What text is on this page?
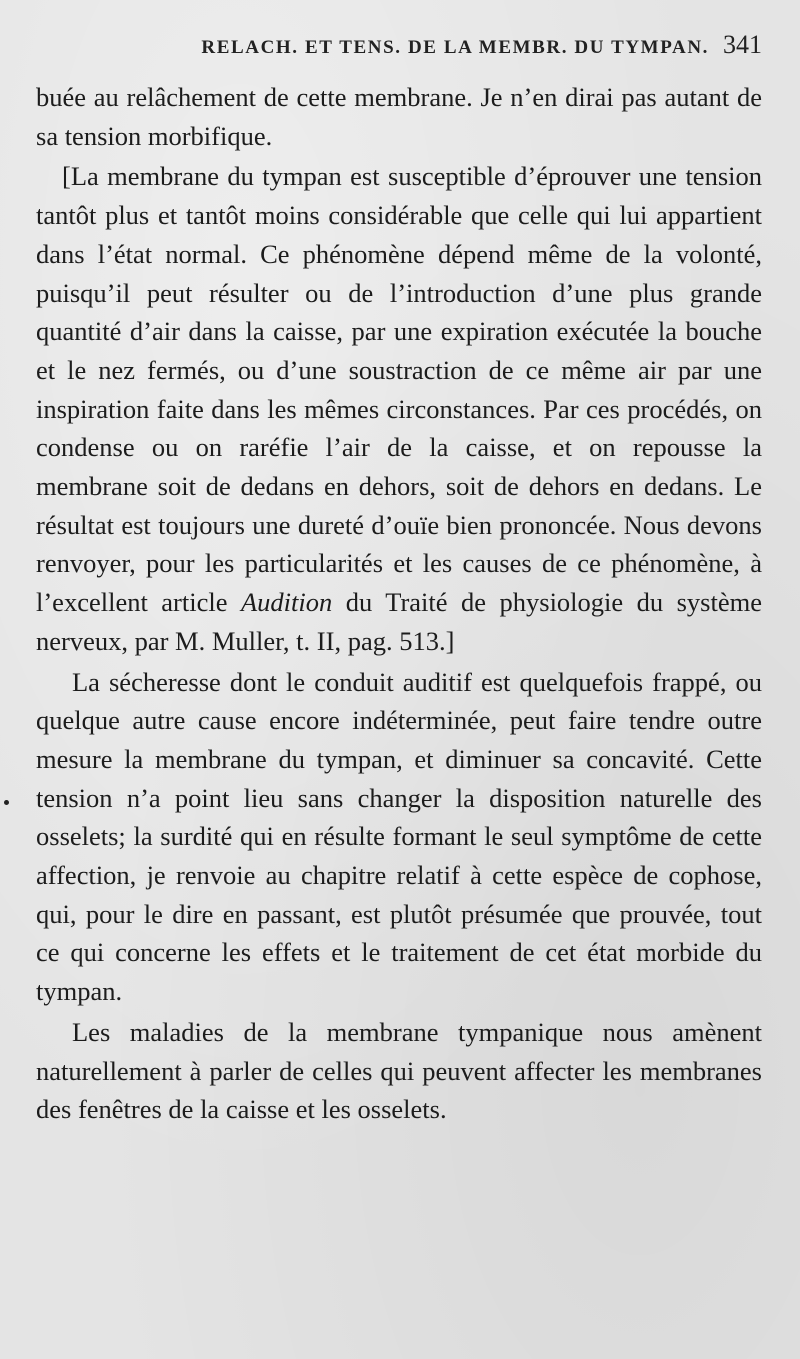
RELACH. ET TENS. DE LA MEMBR. DU TYMPAN. 341

buée au relâchement de cette membrane. Je n’en dirai pas autant de sa tension morbifique.

[La membrane du tympan est susceptible d’éprouver une tension tantôt plus et tantôt moins considérable que celle qui lui appartient dans l’état normal. Ce phénomène dépend même de la volonté, puisqu’il peut résulter ou de l’introduction d’une plus grande quantité d’air dans la caisse, par une expiration exécutée la bouche et le nez fermés, ou d’une soustraction de ce même air par une inspiration faite dans les mêmes circonstances. Par ces procédés, on condense ou on raréfie l’air de la caisse, et on repousse la membrane soit de dedans en dehors, soit de dehors en dedans. Le résultat est toujours une dureté d’ouïe bien prononcée. Nous devons renvoyer, pour les particularités et les causes de ce phénomène, à l’excellent article Audition du Traité de physiologie du système nerveux, par M. Muller, t. II, pag. 513.]

La sécheresse dont le conduit auditif est quelquefois frappé, ou quelque autre cause encore indéterminée, peut faire tendre outre mesure la membrane du tympan, et diminuer sa concavité. Cette tension n’a point lieu sans changer la disposition naturelle des osselets; la surdité qui en résulte formant le seul symptôme de cette affection, je renvoie au chapitre relatif à cette espèce de cophose, qui, pour le dire en passant, est plutôt présumée que prouvée, tout ce qui concerne les effets et le traitement de cet état morbide du tympan.

Les maladies de la membrane tympanique nous amènent naturellement à parler de celles qui peuvent affecter les membranes des fenêtres de la caisse et les osselets.
